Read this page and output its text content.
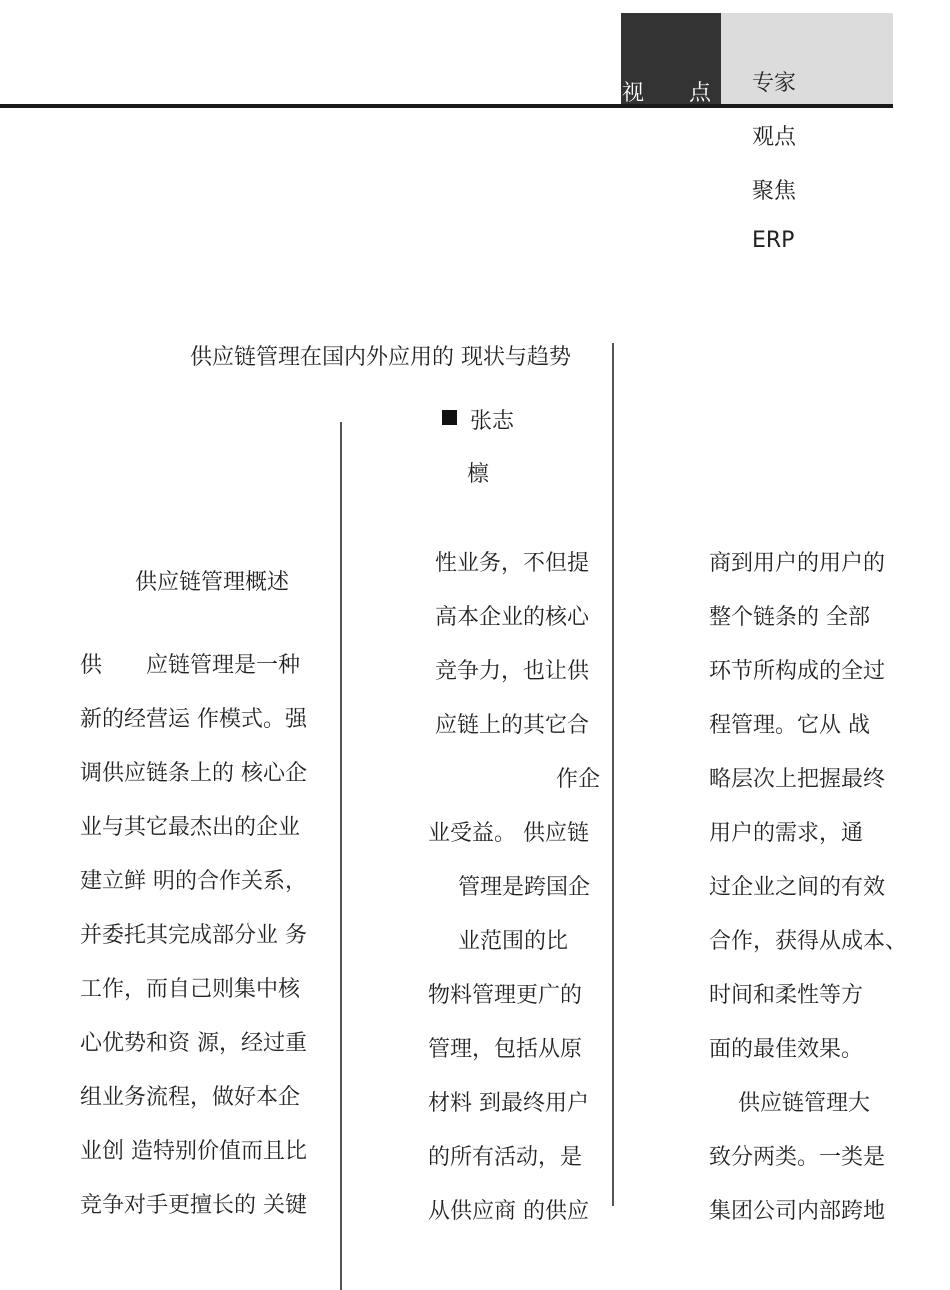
视 点 专家
观点
聚焦
ERP
供应链管理在国内外应用的 现状与趋势
张志
檩
供应链管理概述
供　　应链管理是一种
新的经营运 作模式。强
调供应链条上的 核心企
业与其它最杰出的企业
建立鲜 明的合作关系，
并委托其完成部分业 务
工作，而自己则集中核
心优势和资 源，经过重
组业务流程，做好本企
业创 造特别价值而且比
竞争对手更擅长的 关键
性业务，不但提
高本企业的核心
竞争力，也让供
应链上的其它合
作企
业受益。 供应链
管理是跨国企
业范围的比
物料管理更广的
管理，包括从原
材料 到最终用户
的所有活动，是
从供应商 的供应
商到用户的用户的
整个链条的 全部
环节所构成的全过
程管理。它从 战
略层次上把握最终
用户的需求，通
过企业之间的有效
合作，获得从成本、
时间和柔性等方
面的最佳效果。
供应链管理大
致分两类。一类是
集团公司内部跨地
